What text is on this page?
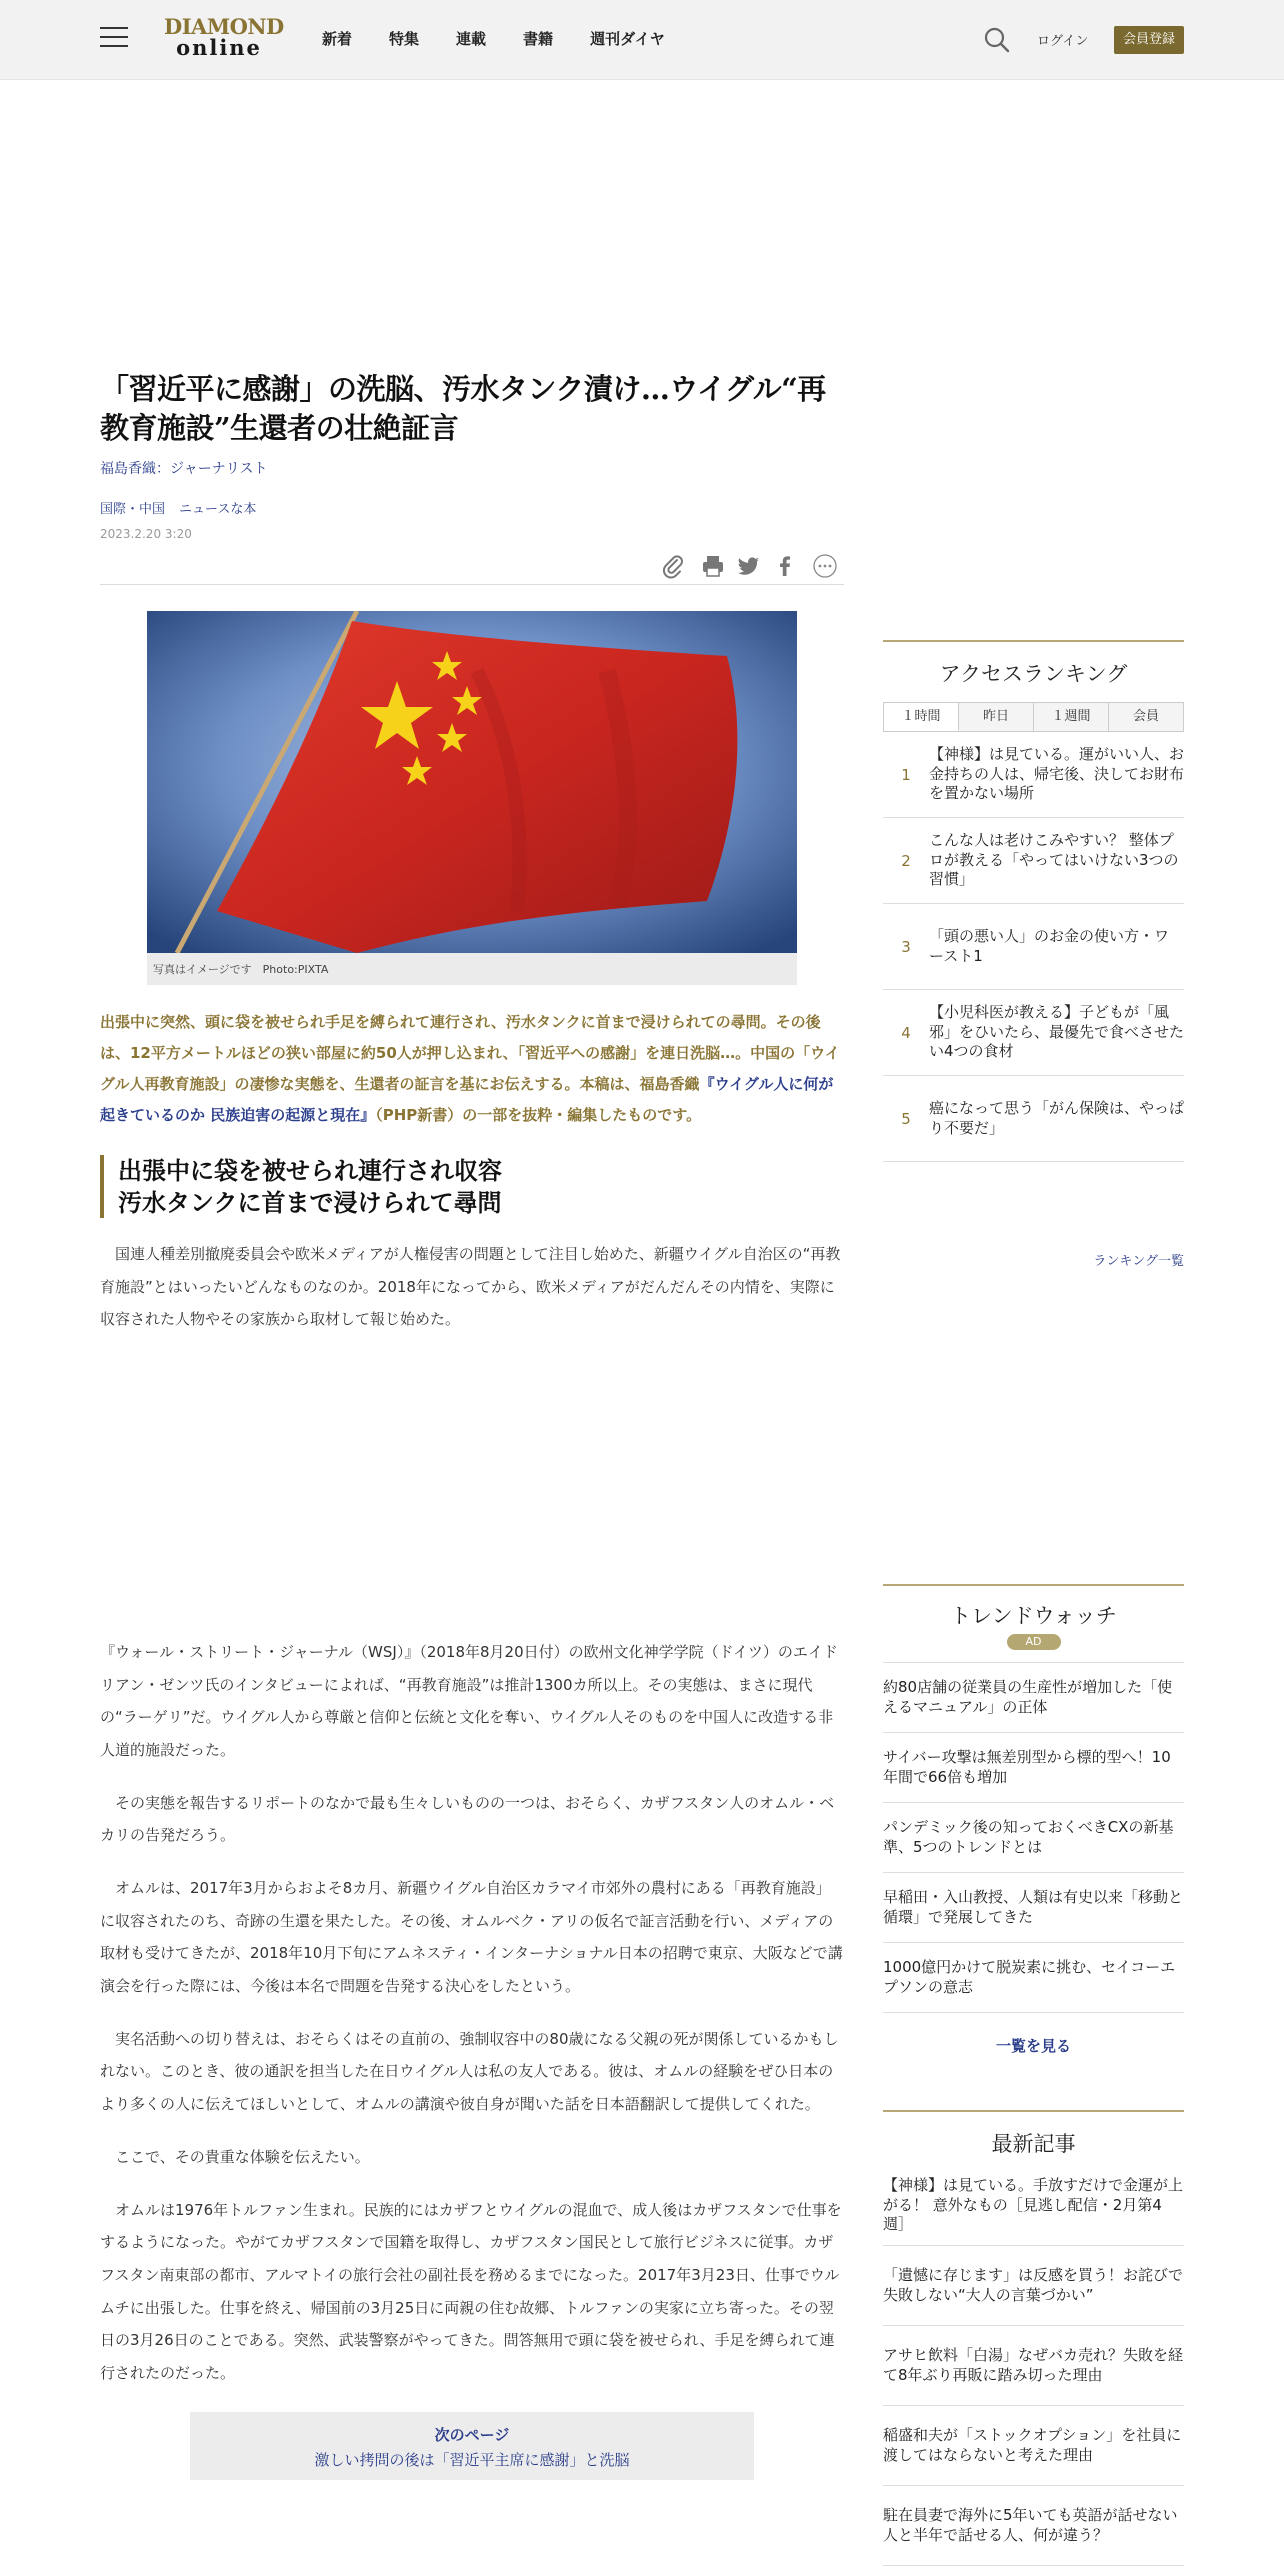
DIAMOND
online	新着 特集 連載 書籍 週刊ダイヤ	ログイン	会員登録
「習近平に感謝」の洗脳、汚水タンク漬け…ウイグル“再教育施設”生還者の壮絶証言
福島香織：ジャーナリスト
国際・中国 ニュースな本
2023.2.20 3:20
写真はイメージです　Photo:PIXTA

出張中に突然、頭に袋を被せられ手足を縛られて連行され、汚水タンクに首まで浸けられての尋問。その後は、12平方メートルほどの狭い部屋に約50人が押し込まれ、「習近平への感謝」を連日洗脳…。中国の「ウイグル人再教育施設」の凄惨な実態を、生還者の証言を基にお伝えする。本稿は、福島香織『ウイグル人に何が起きているのか 民族迫害の起源と現在』（PHP新書）の一部を抜粋・編集したものです。

出張中に袋を被せられ連行され収容
汚水タンクに首まで浸けられて尋問

国連人種差別撤廃委員会や欧米メディアが人権侵害の問題として注目し始めた、新疆ウイグル自治区の“再教育施設”とはいったいどんなものなのか。2018年になってから、欧米メディアがだんだんその内情を、実際に収容された人物やその家族から取材して報じ始めた。

『ウォール・ストリート・ジャーナル（WSJ）』（2018年8月20日付）の欧州文化神学学院（ドイツ）のエイドリアン・ゼンツ氏のインタビューによれば、“再教育施設”は推計1300カ所以上。その実態は、まさに現代の“ラーゲリ”だ。ウイグル人から尊厳と信仰と伝統と文化を奪い、ウイグル人そのものを中国人に改造する非人道的施設だった。

その実態を報告するリポートのなかで最も生々しいものの一つは、おそらく、カザフスタン人のオムル・ベカリの告発だろう。

オムルは、2017年3月からおよそ8カ月、新疆ウイグル自治区カラマイ市郊外の農村にある「再教育施設」に収容されたのち、奇跡の生還を果たした。その後、オムルベク・アリの仮名で証言活動を行い、メディアの取材も受けてきたが、2018年10月下旬にアムネスティ・インターナショナル日本の招聘で東京、大阪などで講演会を行った際には、今後は本名で問題を告発する決心をしたという。

実名活動への切り替えは、おそらくはその直前の、強制収容中の80歳になる父親の死が関係しているかもしれない。このとき、彼の通訳を担当した在日ウイグル人は私の友人である。彼は、オムルの経験をぜひ日本のより多くの人に伝えてほしいとして、オムルの講演や彼自身が聞いた話を日本語翻訳して提供してくれた。

ここで、その貴重な体験を伝えたい。

オムルは1976年トルファン生まれ。民族的にはカザフとウイグルの混血で、成人後はカザフスタンで仕事をするようになった。やがてカザフスタンで国籍を取得し、カザフスタン国民として旅行ビジネスに従事。カザフスタン南東部の都市、アルマトイの旅行会社の副社長を務めるまでになった。2017年3月23日、仕事でウルムチに出張した。仕事を終え、帰国前の3月25日に両親の住む故郷、トルファンの実家に立ち寄った。その翌日の3月26日のことである。突然、武装警察がやってきた。問答無用で頭に袋を被せられ、手足を縛られて連行されたのだった。

次のページ
激しい拷問の後は「習近平主席に感謝」と洗脳
アクセスランキング
１時間	昨日	１週間	会員
1
【神様】は見ている。運がいい人、お金持ちの人は、帰宅後、決してお財布を置かない場所
2
こんな人は老けこみやすい？ 整体プロが教える「やってはいけない3つの習慣」
3
「頭の悪い人」のお金の使い方・ワースト1
4
【小児科医が教える】子どもが「風邪」をひいたら、最優先で食べさせたい4つの食材
5
癌になって思う「がん保険は、やっぱり不要だ」
ランキング一覧
トレンドウォッチ
AD
約80店舗の従業員の生産性が増加した「使えるマニュアル」の正体
サイバー攻撃は無差別型から標的型へ！10年間で66倍も増加
パンデミック後の知っておくべきCXの新基準、5つのトレンドとは
早稲田・入山教授、人類は有史以来「移動と循環」で発展してきた
1000億円かけて脱炭素に挑む、セイコーエプソンの意志
一覧を見る
最新記事
【神様】は見ている。手放すだけで金運が上がる！ 意外なもの［見逃し配信・2月第4週］
「遺憾に存じます」は反感を買う！お詫びで失敗しない“大人の言葉づかい”
アサヒ飲料「白湯」なぜバカ売れ？失敗を経て8年ぶり再販に踏み切った理由
稲盛和夫が「ストックオプション」を社員に渡してはならないと考えた理由
駐在員妻で海外に5年いても英語が話せない人と半年で話せる人、何が違う？
